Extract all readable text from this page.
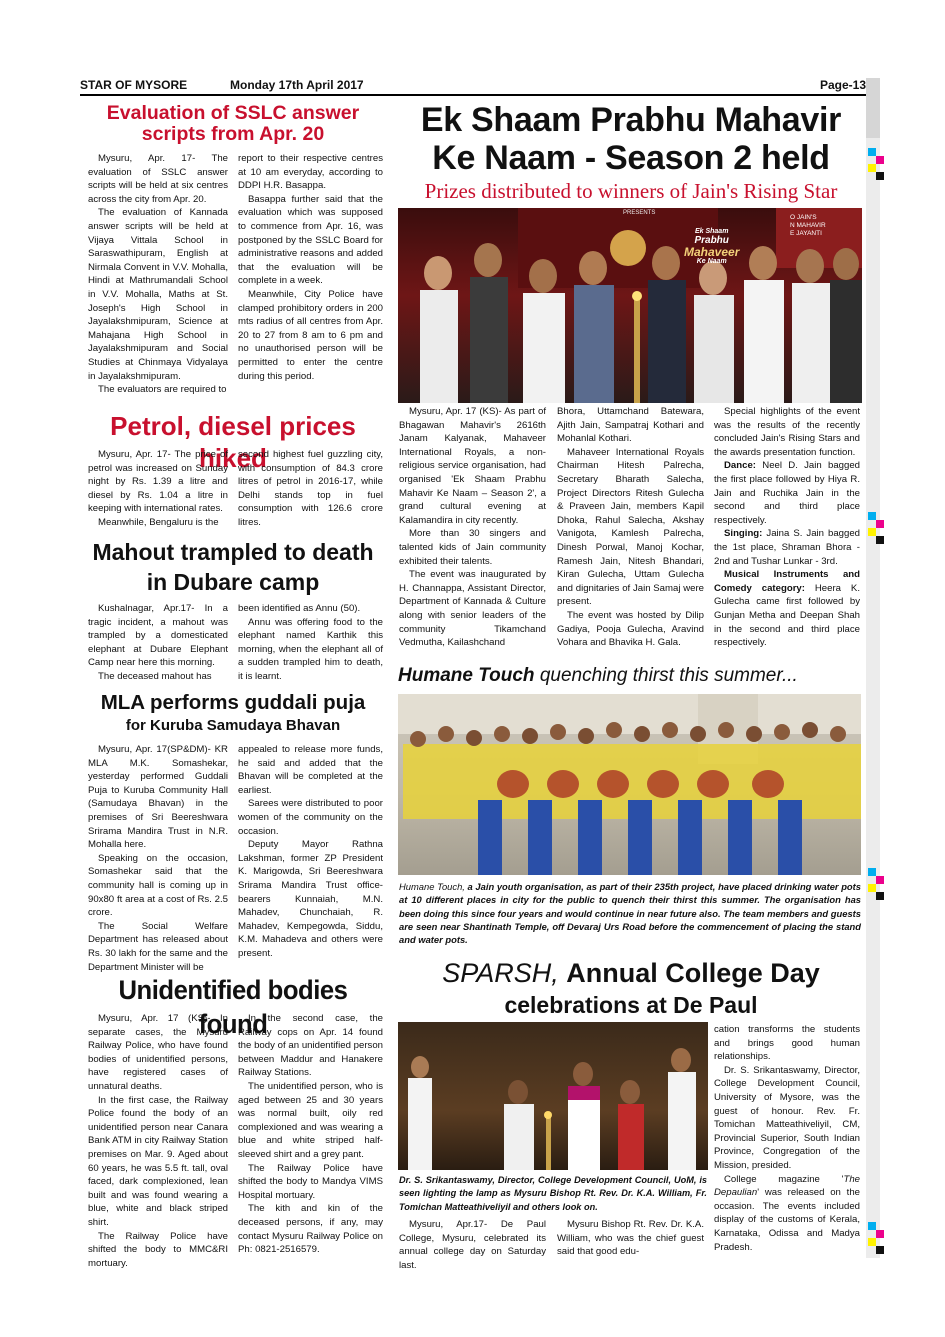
STAR OF MYSORE	Monday 17th April 2017	Page-13
Evaluation of SSLC answer scripts from Apr. 20

Mysuru, Apr. 17- The evaluation of SSLC answer scripts will be held at six centres across the city from Apr. 20.

The evaluation of Kannada answer scripts will be held at Vijaya Vittala School in Saraswathipuram, English at Nirmala Convent in V.V. Mohalla, Hindi at Mathrumandali School in V.V. Mohalla, Maths at St. Joseph's High School in Jayalakshmipuram, Science at Mahajana High School in Jayalakshmipuram and Social Studies at Chinmaya Vidyalaya in Jayalakshmipuram.

The evaluators are required to

report to their respective centres at 10 am everyday, according to DDPI H.R. Basappa.

Basappa further said that the evaluation which was supposed to commence from Apr. 16, was postponed by the SSLC Board for administrative reasons and added that the evaluation will be complete in a week.

Meanwhile, City Police have clamped prohibitory orders in 200 mts radius of all centres from Apr. 20 to 27 from 8 am to 6 pm and no unauthorised person will be permitted to enter the centre during this period.

Petrol, diesel prices hiked

Mysuru, Apr. 17- The price of petrol was increased on Sunday night by Rs. 1.39 a litre and diesel by Rs. 1.04 a litre in keeping with international rates.

Meanwhile, Bengaluru is the

second highest fuel guzzling city, with consumption of 84.3 crore litres of petrol in 2016-17, while Delhi stands top in fuel consumption with 126.6 crore litres.

Mahout trampled to death
in Dubare camp

Kushalnagar, Apr.17- In a tragic incident, a mahout was trampled by a domesticated elephant at Dubare Elephant Camp near here this morning.

The deceased mahout has

been identified as Annu (50).

Annu was offering food to the elephant named Karthik this morning, when the elephant all of a sudden trampled him to death, it is learnt.

MLA performs guddali puja
for Kuruba Samudaya Bhavan

Mysuru, Apr. 17(SP&DM)- KR MLA M.K. Somashekar, yesterday performed Guddali Puja to Kuruba Community Hall (Samudaya Bhavan) in the premises of Sri Beereshwara Srirama Mandira Trust in N.R. Mohalla here.

Speaking on the occasion, Somashekar said that the community hall is coming up in 90x80 ft area at a cost of Rs. 2.5 crore.

The Social Welfare Department has released about Rs. 30 lakh for the same and the Department Minister will be

appealed to release more funds, he said and added that the Bhavan will be completed at the earliest.

Sarees were distributed to poor women of the community on the occasion.

Deputy Mayor Rathna Lakshman, former ZP President K. Marigowda, Sri Beereshwara Srirama Mandira Trust office-bearers Kunnaiah, M.N. Mahadev, Chunchaiah, R. Mahadev, Kempegowda, Siddu, K.M. Mahadeva and others were present.

Unidentified bodies found

Mysuru, Apr. 17 (KS)- In separate cases, the Mysuru Railway Police, who have found bodies of unidentified persons, have registered cases of unnatural deaths.

In the first case, the Railway Police found the body of an unidentified person near Canara Bank ATM in city Railway Station premises on Mar. 9. Aged about 60 years, he was 5.5 ft. tall, oval faced, dark complexioned, lean built and was found wearing a blue, white and black striped shirt.

The Railway Police have shifted the body to MMC&RI mortuary.

In the second case, the Railway cops on Apr. 14 found the body of an unidentified person between Maddur and Hanakere Railway Stations.

The unidentified person, who is aged between 25 and 30 years was normal built, oily red complexioned and was wearing a blue and white striped half-sleeved shirt and a grey pant.

The Railway Police have shifted the body to Mandya VIMS Hospital mortuary.

The kith and kin of the deceased persons, if any, may contact Mysuru Railway Police on Ph: 0821-2516579.

Ek Shaam Prabhu Mahavir
Ke Naam - Season 2 held
Prizes distributed to winners of Jain's Rising Star
PRESENTS
Ek Shaam
Prabhu
Mahaveer
Ke Naam
O JAIN'S
N MAHAVIR
E JAYANTI

Mysuru, Apr. 17 (KS)- As part of Bhagawan Mahavir's 2616th Janam Kalyanak, Mahaveer International Royals, a non-religious service organisation, had organised 'Ek Shaam Prabhu Mahavir Ke Naam – Season 2', a grand cultural evening at Kalamandira in city recently.

More than 30 singers and talented kids of Jain community exhibited their talents.

The event was inaugurated by H. Channappa, Assistant Director, Department of Kannada & Culture along with senior leaders of the community Tikamchand Vedmutha, Kailashchand

Bhora, Uttamchand Batewara, Ajith Jain, Sampatraj Kothari and Mohanlal Kothari.

Mahaveer International Royals Chairman Hitesh Palrecha, Secretary Bharath Salecha, Project Directors Ritesh Gulecha & Praveen Jain, members Kapil Dhoka, Rahul Salecha, Akshay Vanigota, Kamlesh Palrecha, Dinesh Porwal, Manoj Kochar, Ramesh Jain, Nitesh Bhandari, Kiran Gulecha, Uttam Gulecha and dignitaries of Jain Samaj were present.

The event was hosted by Dilip Gadiya, Pooja Gulecha, Aravind Vohara and Bhavika H. Gala.

Special highlights of the event was the results of the recently concluded Jain's Rising Stars and the awards presentation function.

Dance: Neel D. Jain bagged the first place followed by Hiya R. Jain and Ruchika Jain in the second and third place respectively.

Singing: Jaina S. Jain bagged the 1st place, Shraman Bhora - 2nd and Tushar Lunkar - 3rd.

Musical Instruments and Comedy category: Heera K. Gulecha came first followed by Gunjan Metha and Deepan Shah in the second and third place respectively.

Humane Touch quenching thirst this summer...
Humane Touch, a Jain youth organisation, as part of their 235th project, have placed drinking water pots at 10 different places in city for the public to quench their thirst this summer. The organisation has been doing this since four years and would continue in near future also. The team members and guests are seen near Shantinath Temple, off Devaraj Urs Road before the commencement of placing the stand and water pots.
SPARSH, Annual College Day
celebrations at De Paul
Dr. S. Srikantaswamy, Director, College Development Council, UoM, is seen lighting the lamp as Mysuru Bishop Rt. Rev. Dr. K.A. William, Fr. Tomichan Matteathiveliyil and others look on.

Mysuru, Apr.17- De Paul College, Mysuru, celebrated its annual college day on Saturday last.

Mysuru Bishop Rt. Rev. Dr. K.A. William, who was the chief guest said that good edu-

cation transforms the students and brings good human relationships.

Dr. S. Srikantaswamy, Director, College Development Council, University of Mysore, was the guest of honour. Rev. Fr. Tomichan Matteathiveliyil, CM, Provincial Superior, South Indian Province, Congregation of the Mission, presided.

College magazine 'The Depaulian' was released on the occasion. The events included display of the customs of Kerala, Karnataka, Odissa and Madya Pradesh.
